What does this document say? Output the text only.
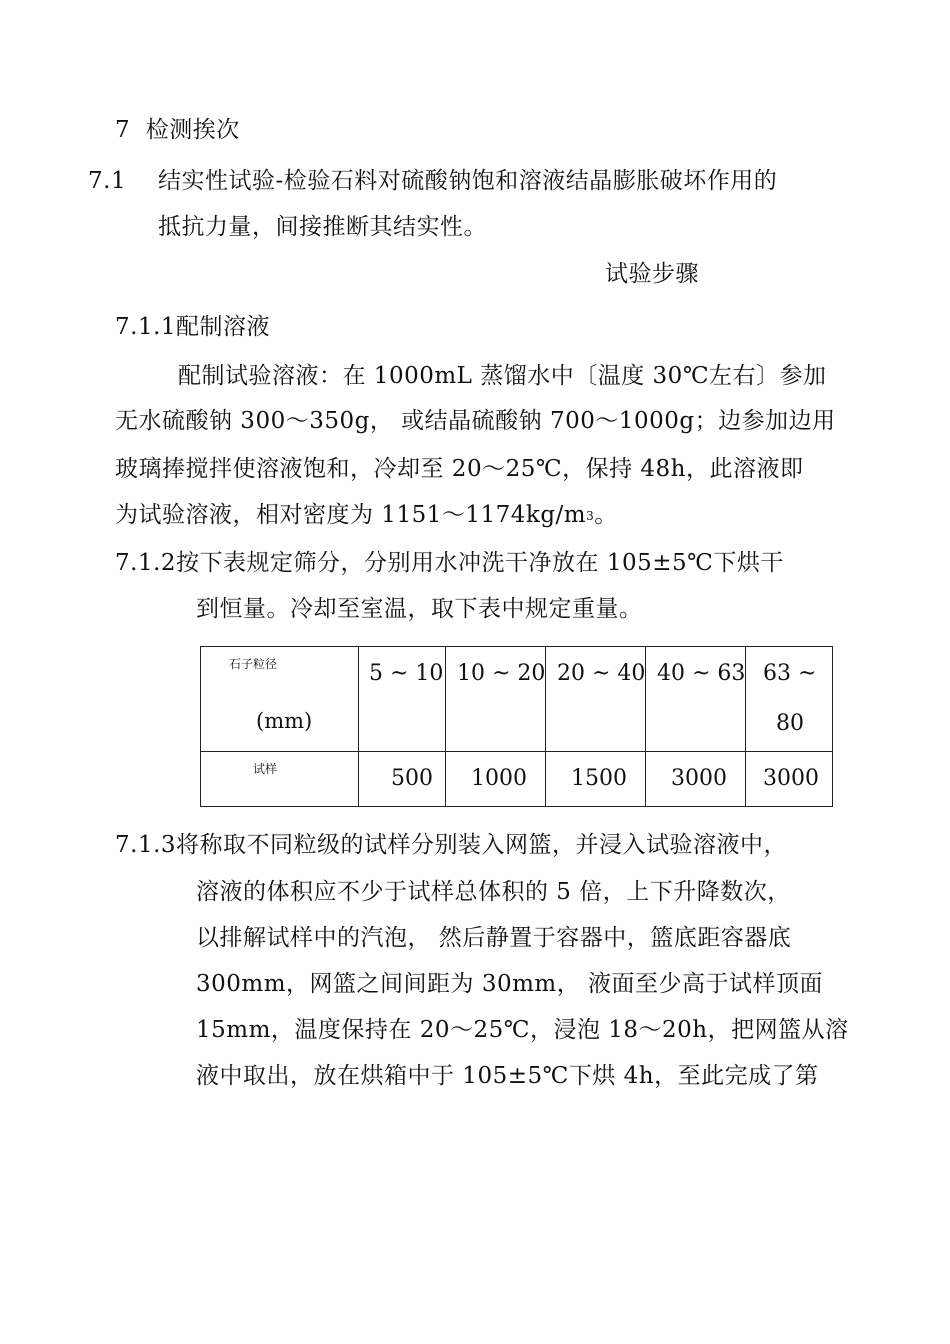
7 检测挨次
7.1 结实性试验-检验石料对硫酸钠饱和溶液结晶膨胀破坏作用的
抵抗力量，间接推断其结实性。
试验步骤
7.1.1配制溶液
配制试验溶液：在 1000mL 蒸馏水中〔温度 30℃左右〕参加
无水硫酸钠 300～350g， 或结晶硫酸钠 700～1000g；边参加边用
玻璃捧搅拌使溶液饱和，冷却至 20～25℃，保持 48h，此溶液即
为试验溶液，相对密度为 1151～1174kg/m3。
7.1.2按下表规定筛分，分别用水冲洗干净放在 105±5℃下烘干
到恒量。冷却至室温，取下表中规定重量。
石子粒径
(mm)	5 ~ 10	10 ~ 20	20 ~ 40	40 ~ 63	63 ~
80

试样	500	1000	1500	3000	3000
7.1.3将称取不同粒级的试样分别装入网篮，并浸入试验溶液中，
溶液的体积应不少于试样总体积的 5 倍，上下升降数次，
以排解试样中的汽泡， 然后静置于容器中，篮底距容器底
300mm，网篮之间间距为 30mm， 液面至少高于试样顶面
15mm，温度保持在 20～25℃，浸泡 18～20h，把网篮从溶
液中取出，放在烘箱中于 105±5℃下烘 4h，至此完成了第
